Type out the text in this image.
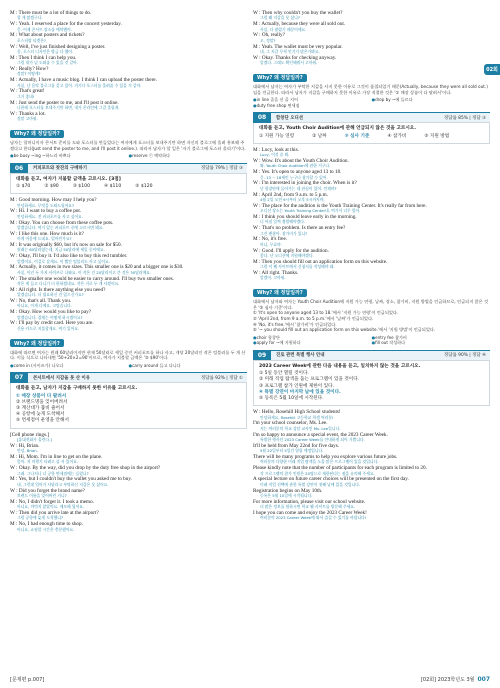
M : There must be a lot of things to do.
할 게 많겠구나.
W : Yeah. I reserved a place for the concert yesterday.
응. 어제 콘서트 장소를 예약했어.
M : What about posters and tickets?
포스터랑 티켓은?
W : Well, I've just finished designing a poster.
음, 포스터 디자인은 방금 다 했어.
M : Then I think I can help you.
그럼 내가 널 도와줄 수 있을 것 같아.
W : Really? How?
정말? 어떻게?
M : Actually, I have a music blog. I think I can upload the poster there.
사실, 난 음악 블로그를 갖고 있어. 거기다 포스터를 올려줄 수 있을 거 같아.
W : That's great!
그거 좋네!
M : Just send the poster to me, and I'll post it online.
나한테 포스터를 보내주기만 하면, 내가 온라인에 그걸 올릴게.
W : Thanks a lot.
정말 고마워.
Why? 왜 정답일까?
남자는 할머니이자 콘서트 준비를 도와 포스터를 만들었다는 여자에게 포스터를 보내주기만 하면 자신의 블로그에 올려 홍보해 주겠다고 한다(Just send the poster to me, and I'll post it online.). 따라서 남자가 할 일은 '자기 블로그에 포스터 올리기'이다.
● be busy ~ing ~하느라 바쁘다	● reserve ⓥ 예약하다
06	커피포트와 찻잔의 구매하기	정답률 79% | 정답 ③
대화를 듣고, 여자가 지불할 금액을 고르시오. [3점]
① $70	② $90	③ $100	④ $110	⑤ $120
M : Good morning. How may I help you?
안녕하세요. 무엇을 도와드릴까요?
W : Hi. I want to buy a coffee pot.
안녕하세요. 전 커피포트를 사고 싶어요.
M : Okay. You can choose from these coffee pots.
알겠습니다. 여기 있는 커피포트 중에 고르시면 돼요.
W : I like this one. How much is it?
이게 마음에 드네요. 얼마인가요?
M : It was originally $60, but it's now on sale for $50.
원래는 60달러였는데, 지금 50달러에 세일 중이에요.
W : Okay, I'll buy it. I'd also like to buy this red tumbler.
알겠어요, 이걸로 살게요. 이 빨간 텀블러도 사고 싶어요.
M : Actually, it comes in two sizes. This smaller one is $20 and a bigger one is $30.
사실, 이건 두 가지 사이즈로 나와요. 이 작은 건 20달러이고 큰 것은 30달러예요.
W : The smaller one would be easier to carry around. I'll buy two smaller ones.
작은 게 들고 다니기 더 편하겠네요. 작은 거로 두 개 사겠어요.
M : All right. Is there anything else you need?
알겠습니다. 더 필요하신 건 있으신가요?
W : No, that's all. Thank you.
아니요, 이게 다예요. 고맙습니다.
M : Okay. How would you like to pay?
알겠습니다. 결제는 어떻게 하시겠어요?
W : I'll pay by credit card. Here you are.
신용 카드로 지불할게요. 여기 있어요.
Why? 왜 정답일까?
대화에 따르면 여자는 원래 60달러이지만 현재 50달러로 세일 중인 커피포트를 하나 사고, 개당 20달러인 작은 텀블러를 두 개 산다. 이를 식으로 나타내면 '50+20×2=90'이므로, 여자가 지불할 금액은 '③ $90'이다.
● come in (사이즈가) 나오다	● carry around 들고 다니다
07	콘서트에서 지갑을 못 산 이유	정답률 92% | 정답 ①
대화를 듣고, 남자가 지갑을 구매하지 못한 이유를 고르시오.
① 매장 상품이 다 팔려서
② 브랜드명을 잊어버려서
③ 계산대가 붐비 줄어서
④ 공항에 늦게 도착해서
⑤ 면세점이 운영을 안해서
[Cell phone rings.]
[휴대전화가 울린다.]
W : Hi, Brian.
안녕, Brian.
M : Hi, Mom. I'm in line to get on the plane.
엄마. 저 비행기 타려고 줄 서 있어요.
W : Okay. By the way, did you drop by the duty free shop in the airport?
그래. 그나저나 너 공항 면세점에는 들렀니?
M : Yes, but I couldn't buy the wallet you asked me to buy.
네, 그런데 엄마가 사달라고 부탁하신 지갑은 못 샀어요.
W : Did you forget the brand name?
브랜드 이름을 잊어버린 거니?
M : No, I didn't forget it. I took a memo.
아니요, 까먹지 않았어요. 메모해 뒀어요.
W : Then did you arrive late at the airport?
그럼 공항에 늦게 도착했니?
M : No, I had enough time to shop.
아니요, 쇼핑할 시간은 충분했어요.
W : Then why couldn't you buy the wallet?
그럼 왜 지갑을 못 샀니?
M : Actually, because they were all sold out.
사실, 다 팔렸기 때문이에요.
W : Oh, really?
오, 정말?
M : Yeah. The wallet must be very popular.
네, 그 지갑 무척 인기가 많은가봐요.
W : Okay. Thanks for checking anyway.
알겠다. 그래도 확인해줘서 고마워.
Why? 왜 정답일까?
대화에서 남자는 여자가 부탁한 지갑을 사지 못한 이유로 그것이 품절되었기 때문(Actually, because they were all sold out.)임을 언급한다. 따라서 남자가 지갑을 구매하지 못한 이유로 가장 적절한 것은 '① 매장 상품이 다 팔려서'이다.
● in line 줄을 선 줄 지어	● drop by ~에 들르다
● duty free shop 면세점
08	합창단 오디션	정답률 85% | 정답 ③
대화를 듣고, Youth Choir Audition에 관해 언급되지 않은 것을 고르시오.
① 지원 가능 연령	② 날짜	③ 심사 기준	④ 참가비	⑤ 지원 방법
M : Lucy, look at this.
Lucy, 이것 좀 봐.
W : Wow. It's about the Youth Choir Audition.
와. Youth Choir Audition에 관한 거구나.
M : Yes. It's open to anyone aged 13 to 18.
응. 13 ~ 18세인 누구나 참가할 수 있어.
W : I'm interested in joining the choir. When is it?
난 합창단에 들어가는 데 관심이 있어. 언제야?
M : April 2nd, from 9 a.m. to 5 p.m.
4월 2일 오전 9시부터 오후 5시까지야.
W : The place for the audition is the Youth Training Center. It's really far from here.
오디션 장소는 Youth Training Center네. 여기서 너무 멀어.
M : I think you should leave early in the morning.
너 아침 일찍 출발해야겠다.
W : That's no problem. Is there an entry fee?
그건 괜찮아. 참가비가 있니?
M : No, it's free.
아니, 무료야.
W : Good. I'll apply for the audition.
좋다. 난 오디션에 지원해야겠다.
M : Then you should fill out an application form on this website.
그럼 이 웹 사이트에서 신청서를 작성해야 돼.
W : All right. Thanks.
알겠어. 고마워.
Why? 왜 정답일까?
대화에서 남자와 여자는 Youth Choir Audition에 지원 가능 연령, 날짜, 장소, 참가비, 지원 방법을 언급하므로, 언급되지 않은 것은 '③ 심사 기준'이다.
① 'It's open to anyone aged 13 to 18.'에서 '지원 가능 연령'이 언급되었다.
② 'April 2nd, from 9 a.m. to 5 p.m.'에서 '날짜'가 언급되었다.
④ 'No, it's free.'에서 '참가비'가 언급되었다.
⑤ '~ you should fill out an application form on this website.'에서 '지원 방법'이 언급되었다.
● choir 합창단	● entry fee 참가비
● apply for ~에 지원하다	● fill out 작성하다
09	진로 관련 특별 행사 안내	정답률 90% | 정답 ④
2023 Career Week에 관한 다음 내용을 듣고, 일치하지 않는 것을 고르시오.
① 5일 동안 열릴 것이다.
② 미래 직업 탐색을 돕는 프로그램이 있을 것이다.
③ 프로그램 참가 인원에 제한이 있다.
④ 특별 강연이 마지막 날에 있을 것이다.
⑤ 등록은 5월 10일에 시작된다.
W : Hello, Rosehill High School students!
안녕하세요, Rosehill 고등학교 학생 여러분!
I'm your school counselor, Ms. Lee.
저는 여러분의 학교 상담 교사인 Ms. Lee입니다.
I'm so happy to announce a special event, the 2023 Career Week.
특별한 행사인 2023 Career Week를 안내하게 되어 기쁩니다.
It'll be held from May 22nd for five days.
5월 22일부터 5일간 열릴 예정입니다.
There will be many programs to help you explore various future jobs.
여러분의 다양한 미래 직업 탐색을 도울 많은 프로그램이 있을 것입니다.
Please kindly note that the number of participants for each program is limited to 20.
각 프로그램의 참가 인원은 20명으로 제한된다는 점을 유의해 주세요.
A special lecture on future career choices will be presented on the first day.
미래 직업 선택에 관한 특별 강연이 첫째 날에 있을 것입니다.
Registration begins on May 10th.
등록은 5월 10일에 시작됩니다.
For more information, please visit our school website.
더 많은 정보를 원하시면 학교 웹 사이트를 방문해 주세요.
I hope you can come and enjoy the 2023 Career Week!
여러분이 2023 Career Week에 와서 즐길 수 있기를 바랍니다!
02회
[문제편 p.007]	[02회] 2023학년도 3월 007
